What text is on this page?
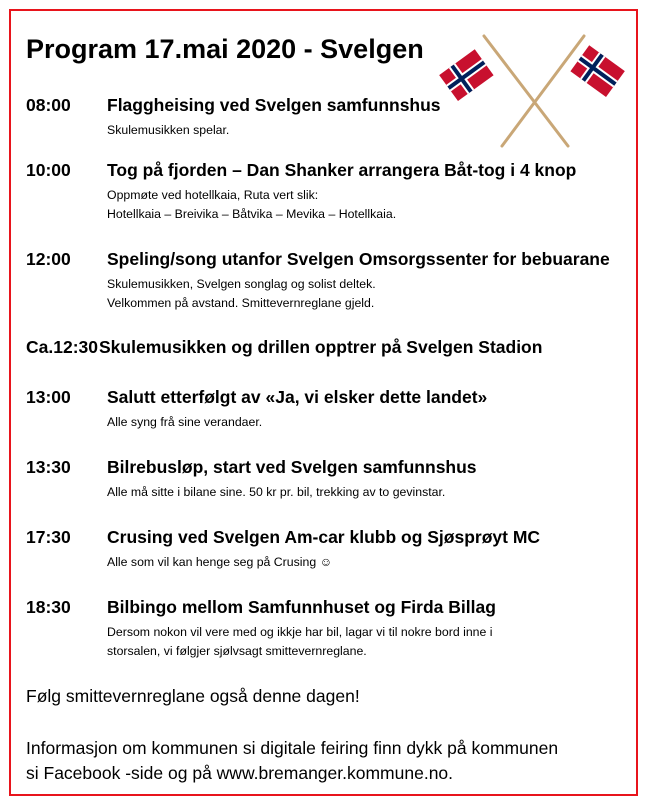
Program 17.mai 2020 - Svelgen
08:00 Flaggheising ved Svelgen samfunnshus
Skulemusikken spelar.
10:00 Tog på fjorden – Dan Shanker arrangera Båt-tog i 4 knop
Oppmøte ved hotellkaia, Ruta vert slik:
Hotellkaia – Breivika – Båtvika – Mevika – Hotellkaia.
12:00 Speling/song utanfor Svelgen Omsorgssenter for bebuarane
Skulemusikken, Svelgen songlag og solist deltek.
Velkommen på avstand. Smittevernreglane gjeld.
Ca.12:30 Skulemusikken og drillen opptrer på Svelgen Stadion
13:00 Salutt etterfølgt av «Ja, vi elsker dette landet»
Alle syng frå sine verandaer.
13:30 Bilrebusløp, start ved Svelgen samfunnshus
Alle må sitte i bilane sine. 50 kr pr. bil, trekking av to gevinstar.
17:30 Crusing ved Svelgen Am-car klubb og Sjøsprøyt MC
Alle som vil kan henge seg på Crusing ☺
18:30 Bilbingo mellom Samfunnhuset og Firda Billag
Dersom nokon vil vere med og ikkje har bil, lagar vi til nokre bord inne i
storsalen, vi følgjer sjølvsagt smittevernreglane.
Følg smittevernreglane også denne dagen!
Informasjon om kommunen si digitale feiring finn dykk på kommunen
si Facebook -side og på www.bremanger.kommune.no.
